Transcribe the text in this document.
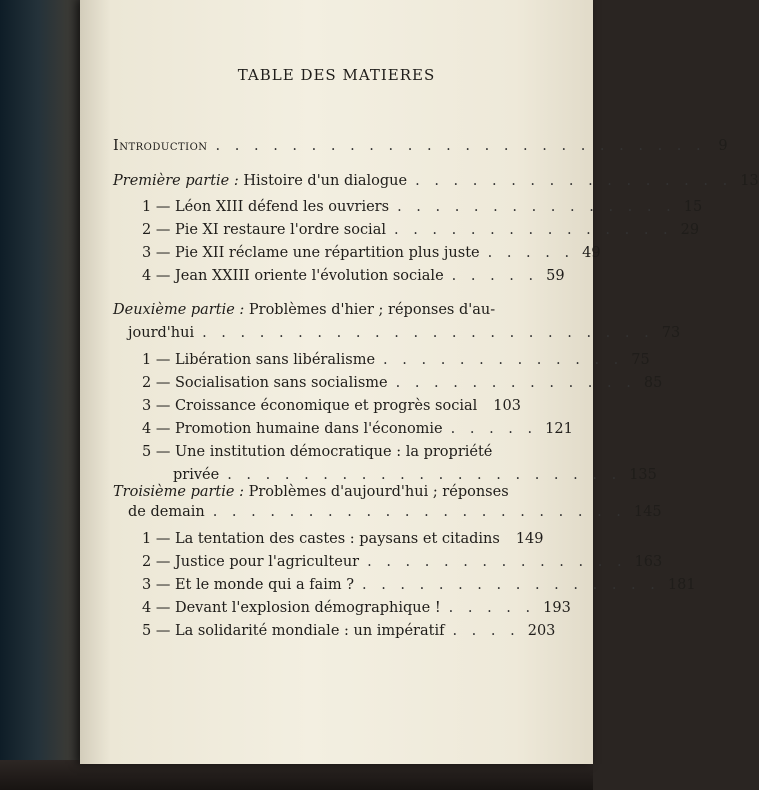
TABLE DES MATIERES
Introduction . . . . . . . . . . . . . . . . . . . . . . . . . . 9
Première partie :
Histoire d'un dialogue . . . . . . . . . . . . . . . . . 13
1 —
Léon XIII défend les ouvriers . . . . . . . . . . . . . . . 15
2 —
Pie XI restaure l'ordre social . . . . . . . . . . . . . . . 29
3 —
Pie XII réclame une répartition plus juste . . . . . 49
4 —
Jean XXIII oriente l'évolution sociale . . . . . 59
Deuxième partie :
Problèmes d'hier ; réponses d'au-
jourd'hui . . . . . . . . . . . . . . . . . . . . . . . . 73
1 —
Libération sans libéralisme . . . . . . . . . . . . . 75
2 —
Socialisation sans socialisme . . . . . . . . . . . . . 85
3 —
Croissance économique et progrès social 103
4 —
Promotion humaine dans l'économie . . . . . 121
5 —
Une institution démocratique : la propriété
privée . . . . . . . . . . . . . . . . . . . . . 135
Troisième partie :
Problèmes d'aujourd'hui ; réponses
de demain . . . . . . . . . . . . . . . . . . . . . . 145
1 —
La tentation des castes : paysans et citadins 149
2 —
Justice pour l'agriculteur . . . . . . . . . . . . . . 163
3 —
Et le monde qui a faim ? . . . . . . . . . . . . . . . . 181
4 —
Devant l'explosion démographique ! . . . . . 193
5 —
La solidarité mondiale : un impératif . . . . 203
